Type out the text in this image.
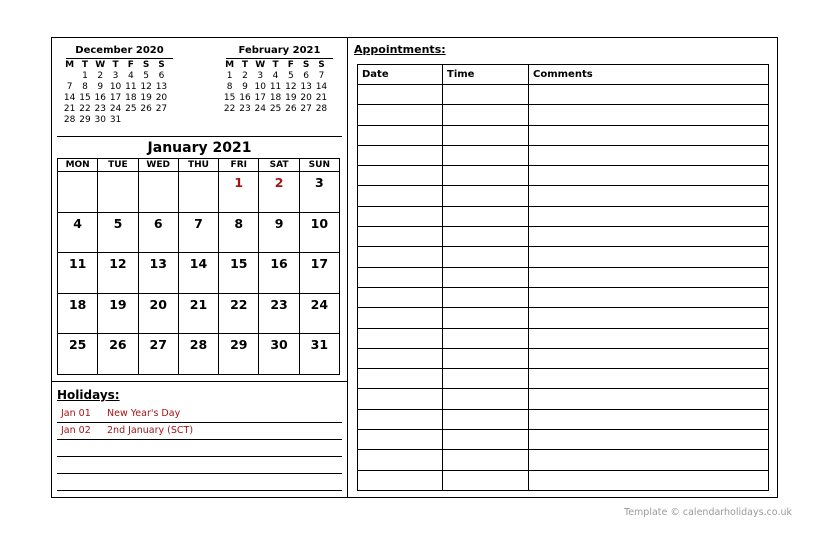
December 2020
M	T	W	T	F	S	S
	1	2	3	4	5	6
7	8	9	10	11	12	13
14	15	16	17	18	19	20
21	22	23	24	25	26	27
28	29	30	31			
February 2021
M	T	W	T	F	S	S
1	2	3	4	5	6	7
8	9	10	11	12	13	14
15	16	17	18	19	20	21
22	23	24	25	26	27	28
January 2021
MON	TUE	WED	THU	FRI	SAT	SUN
				1	2	3
4	5	6	7	8	9	10
11	12	13	14	15	16	17
18	19	20	21	22	23	24
25	26	27	28	29	30	31
Holidays:
Jan 01 New Year's Day
Jan 02 2nd January (SCT)
Appointments:
Date	Time	Comments

Template © calendarholidays.co.uk
